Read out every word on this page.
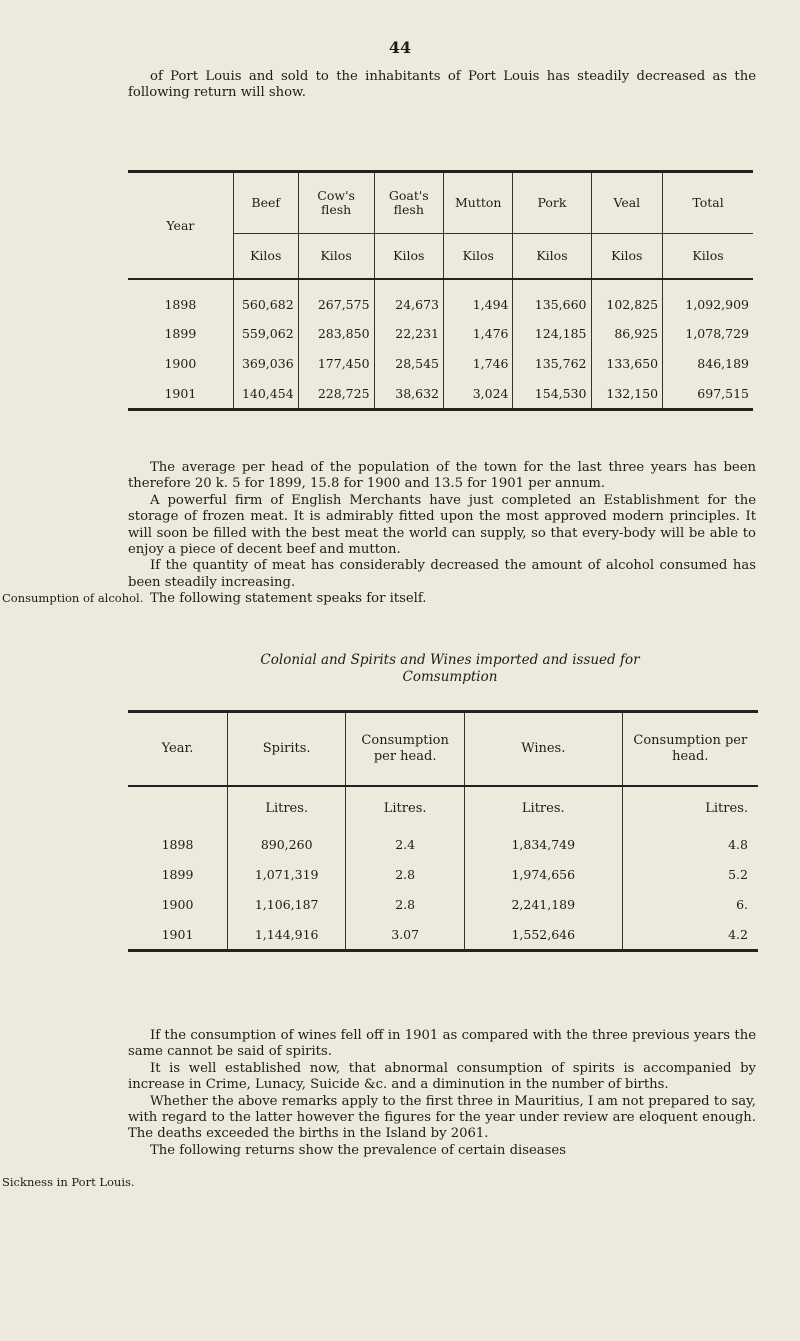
44

of Port Louis and sold to the inhabitants of Port Louis has steadily decreased as the following return will show.

Year	Beef	Cow's flesh	Goat's flesh	Mutton	Pork	Veal	Total
	Kilos	Kilos	Kilos	Kilos	Kilos	Kilos	Kilos
1898	560,682	267,575	24,673	1,494	135,660	102,825	1,092,909
1899	559,062	283,850	22,231	1,476	124,185	86,925	1,078,729
1900	369,036	177,450	28,545	1,746	135,762	133,650	846,189
1901	140,454	228,725	38,632	3,024	154,530	132,150	697,515

The average per head of the population of the town for the last three years has been therefore 20 k. 5 for 1899, 15.8 for 1900 and 13.5 for 1901 per annum.

A powerful firm of English Merchants have just completed an Establishment for the storage of frozen meat. It is admirably fitted upon the most approved modern principles. It will soon be filled with the best meat the world can supply, so that every-body will be able to enjoy a piece of decent beef and mutton.

If the quantity of meat has considerably decreased the amount of alcohol consumed has been steadily increasing.

The following statement speaks for itself.

Consumption of alcohol.
Colonial and Spirits and Wines imported and issued for
Comsumption
Year.	Spirits.	Consumption per head.	Wines.	Consumption per head.
	Litres.	Litres.	Litres.	Litres.
1898	890,260	2.4	1,834,749	4.8
1899	1,071,319	2.8	1,974,656	5.2
1900	1,106,187	2.8	2,241,189	6.
1901	1,144,916	3.07	1,552,646	4.2

If the consumption of wines fell off in 1901 as compared with the three previous years the same cannot be said of spirits.

It is well established now, that abnormal consumption of spirits is accompanied by increase in Crime, Lunacy, Suicide &c. and a diminution in the number of births.

Whether the above remarks apply to the first three in Mauritius, I am not prepared to say, with regard to the latter however the figures for the year under review are eloquent enough. The deaths exceeded the births in the Island by 2061.

The following returns show the prevalence of certain diseases

Sickness in Port Louis.
